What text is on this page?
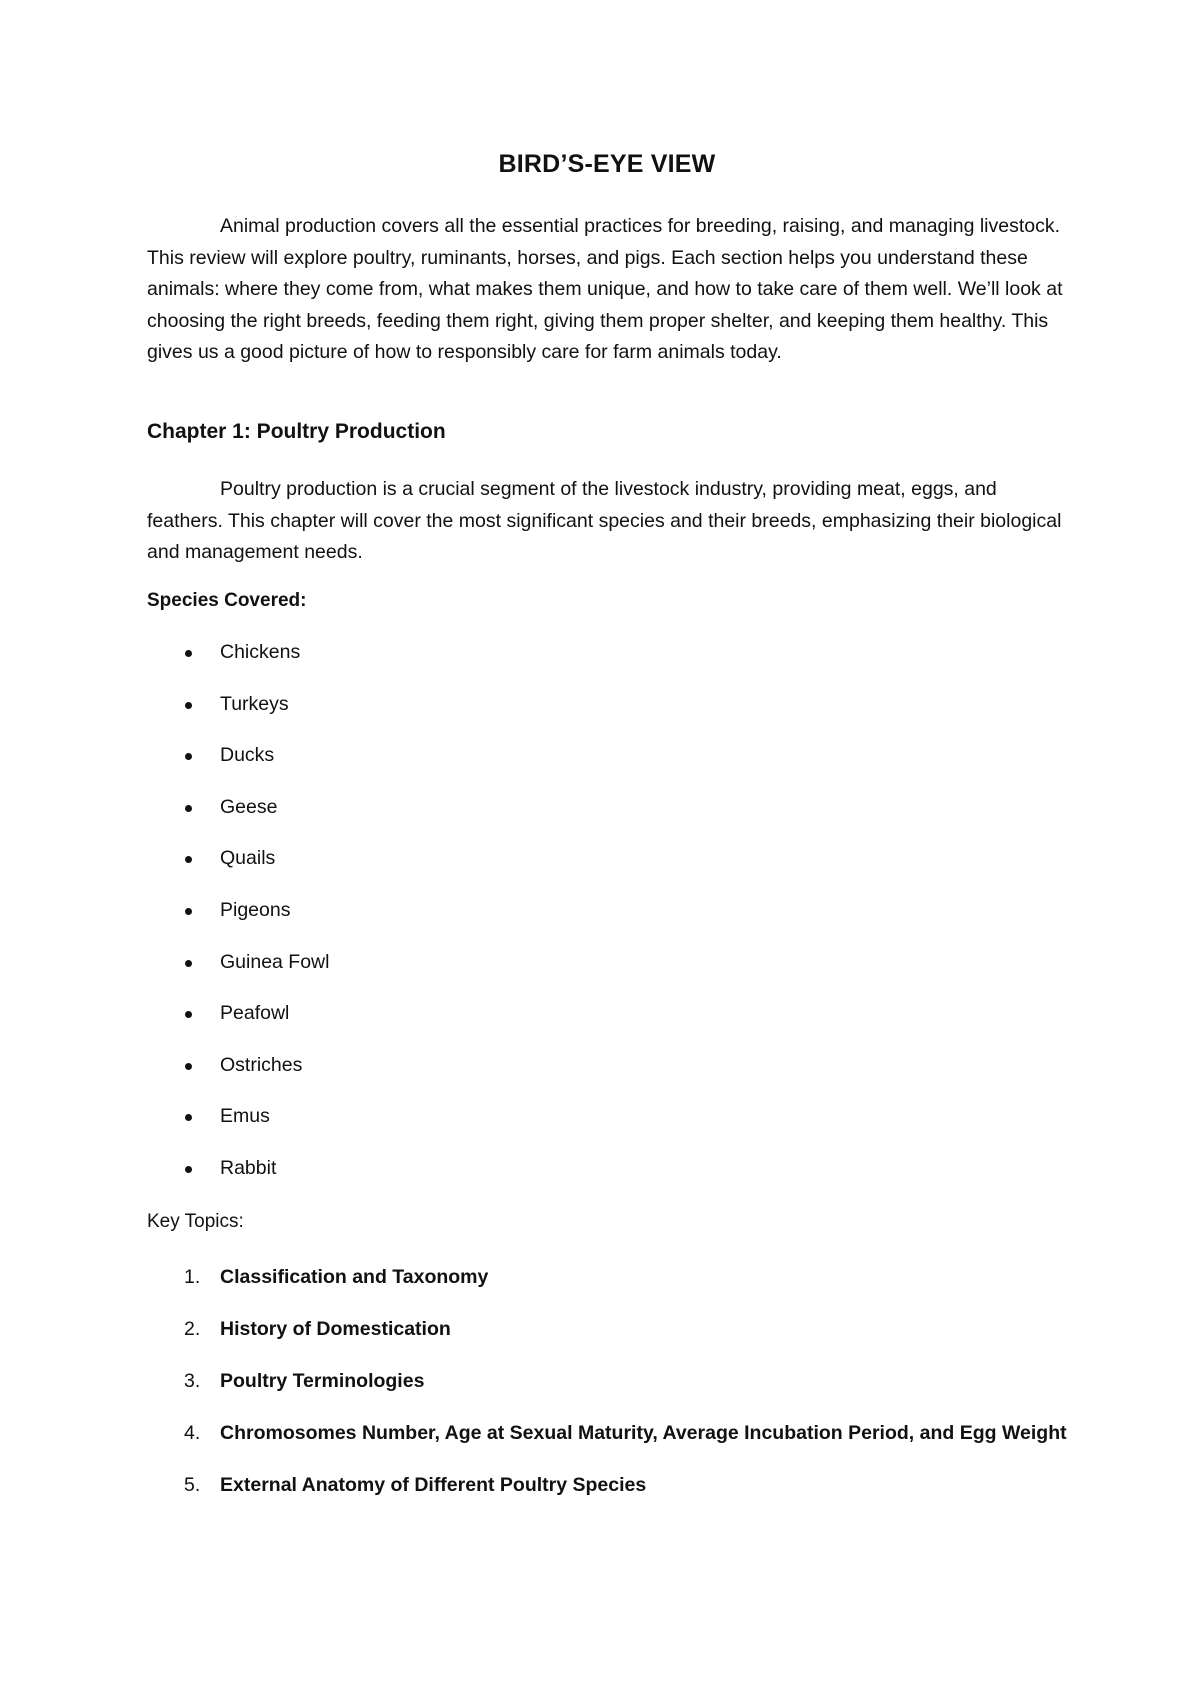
BIRD’S-EYE VIEW

Animal production covers all the essential practices for breeding, raising, and managing livestock. This review will explore poultry, ruminants, horses, and pigs. Each section helps you understand these animals: where they come from, what makes them unique, and how to take care of them well. We’ll look at choosing the right breeds, feeding them right, giving them proper shelter, and keeping them healthy. This gives us a good picture of how to responsibly care for farm animals today.

Chapter 1: Poultry Production

Poultry production is a crucial segment of the livestock industry, providing meat, eggs, and feathers. This chapter will cover the most significant species and their breeds, emphasizing their biological and management needs.

Species Covered:

Chickens
Turkeys
Ducks
Geese
Quails
Pigeons
Guinea Fowl
Peafowl
Ostriches
Emus
Rabbit

Key Topics:

1. Classification and Taxonomy
2. History of Domestication
3. Poultry Terminologies
4. Chromosomes Number, Age at Sexual Maturity, Average Incubation Period, and Egg Weight
5. External Anatomy of Different Poultry Species
